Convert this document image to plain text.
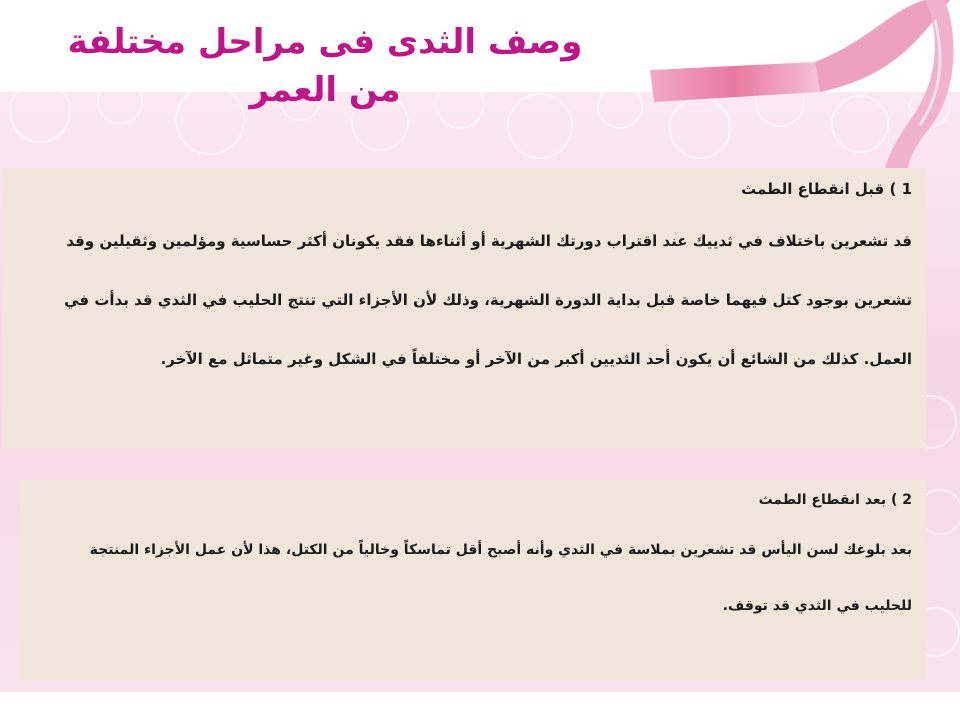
وصف الثدى فى مراحل مختلفة
من العمر
1 ) قبل انقطاع الطمث
قد تشعرين باختلاف في ثدييك عند اقتراب دورتك الشهرية أو أثناءها فقد يكونان أكثر حساسية ومؤلمين وثقيلين وقد تشعرين بوجود كتل فيهما خاصة قبل بداية الدورة الشهرية، وذلك لأن الأجزاء التي تنتج الحليب في الثدي قد بدأت في العمل. كذلك من الشائع أن يكون أحد الثديين أكبر من الآخر أو مختلفاً في الشكل وغير متماثل مع الآخر.
2 ) بعد انقطاع الطمث
بعد بلوغك لسن اليأس قد تشعرين بملاسة في الثدي وأنه أصبح أقل تماسكاً وخالياً من الكتل، هذا لأن عمل الأجزاء المنتجة للحليب في الثدي قد توقف.
